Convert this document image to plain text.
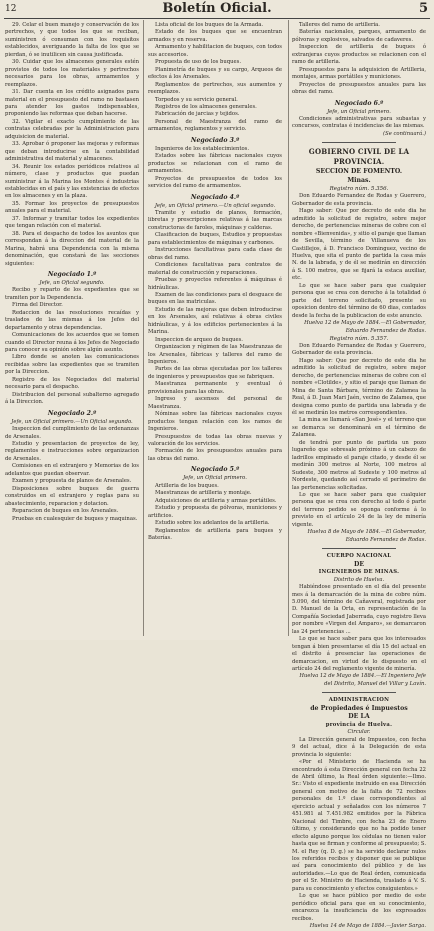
12	Boletín Oficial.	5

29. Celar el buen manejo y conservación de los pertrechos, y que todos los que se reciban, suministren ó consuman con los requisitos establecidos, averiguando la falta de los que se pierdan, ó se inutilicen sin causa justificada.

30. Cuidar que los almacenes generales estén provistos de todos los materiales y pertrechos necesarios para los obras, armamentos y reemplazos.

31. Dar cuenta en los crédito asignados para material en el presupuesto del ramo no bastasen para atender los gastos indispensables, proponiendo las reformas que deban hacerse.

32. Vigilar el exacto cumplimiento de las contratas celebradas por la Administracion para adquisicion de material.

33. Aprobar ó proponer las mejoras y reformas que deban introducirse en la contabilidad administrativa del material y almacenes.

34. Reunir los estados periódicos relativos al número, clase y productos que puedan suministrar á la Marina los Montes é industrias establecidas en el país y las existencias de efectos en los almacenes y en la plaza.

35. Formar los proyectos de presupuestos anuales para el material.

37. Informar y tramitar todos los expedientes que tengan relación con el material.

38. Para el despacho de todos los asuntos que correspondan á la direccion del material de la Marina, habrá una Dependencia con la misma denominación, que constará de las secciones siguientes:

Negociado 1.º

Jefe, un Oficial segundo.

Recibo y reparto de los expedientes que se tramiten por la Dependencia.

Firma del Director.

Redaccion de las resoluciones recaídas y traslados de las mismas á los Jefes del departamento y otras dependencias.

Comunicaciones de los acuerdos que se tomen cuando el Director reuna á los Jefes de Negociado para conocer su opinión sobre algún asunto.

Libro donde se anoten las comunicaciones recibidas sobre las expedientes que se tramiten por la Direccion.

Registro de los Negociados del material necesario para el despacho.

Distribucion del personal subalterno agregado á la Direccion.

Negociado 2.º

Jefe, un Oficial primero.—Un Oficial segundo.

Inspeccion del cumplimiento de las ordenanzas de Arsenales.

Estudio y presentacion de proyectos de ley, reglamentos e instrucciones sobre organizacion de Arsenales.

Comisiones en el extranjero y Memorias de los adelantos que puedan observar.

Examen y propuesta de planos de Arsenales.

Disposiciones sobre buques de guerra construidos en el extranjero y reglas para su abastecimiento, reparacion y dotacion.

Reparacion de buques en los Arsenales.

Pruebas en cualesquier de buques y maquinas.

Lista oficial de los buques de la Armada.

Estado de los buques que se encuentran armados y en reserva.

Armamento y habilitacion de buques, con todos sus accesorios.

Propuesta de uso de los buques.

Planimetría de buques y su cargo, Arqueos de efectos á los Arsenales.

Reglamentos de pertrechos, sus aumentos y reemplazos.

Torpedos y su servicio general.

Registros de los almacenes generales.

Fabricación de jarcias y tejidos.

Personal de Maestranza del ramo de armamentos, reglamentos y servicio.

Negociado 3.º

Ingenieros de los establecimientos.

Estados sobre las fábricas nacionales cuyos productos se relacionan con el ramo de armamentos.

Proyectos de presupuestos de todos los servicios del ramo de armamentos.

Negociado 4.º

Jefe, un Oficial primero.—Un oficial segundo.

Tramite y estudio de planos, formación, libretas y prescripciones relativas á las marcas constructoras de faroles, máquinas y calderas.

Clasificacion de buques, Estudios y propuestas para establecimientos de máquinas y carbones.

Instrucciones facultativas para cada clase de obras del ramo.

Condiciones facultativas para contratos de material de construcción y reparaciones.

Pruebas y proyectos referentes á máquinas é hidráulicas.

Examen de las condiciones para el desguace de buques en las matriculas.

Estudio de las mejoras que deben introducirse en los Arsenales, así relativas á obras civiles hidráulicas, y á los edificios pertenecientes á la Marina.

Inspeccion de arqueo de buques.

Organizacion y régimen de las Maestranzas de los Arsenales, fábricas y talleres del ramo de Ingenieros.

Partes de las obras ejecutadas por los talleres de ingenieros y presupuestos que se fabriquen.

Maestranza permanente y eventual ó provisionales para las obras.

Ingreso y ascensos del personal de Maestranza.

Nóminas sobre las fábricas nacionales cuyos productos tengan relación con los ramos de Ingenieros.

Presupuestos de todas las obras nuevas y valoración de los servicios.

Formación de los presupuestos anuales para las obras del ramo.

Negociado 5.º

Jefe, un Oficial primero.

Artilleria de los buques.

Maestranzas de artilleria y montaje.

Adquisiciones de artilleria y armas portátiles.

Estudio y propuesta de pólvoras, municiones y artificios.

Estudio sobre los adelantos de la artilleria.

Reglamentos de artilleria para buques y Baterías.

Talleres del ramo de artilleria.

Baterías nacionales, parques, armamento de pólvoras y explosivos, salvados de cadaveres.

Inspeccion de artilleria de buques ó extranjeras cuyos productos se relacionen con el ramo de artilleria.

Presupuestos para la adquisicion de Artilleria, montajes, armas portátiles y municiones.

Proyectos de presupuestos anuales para las obras del ramo.

Negociado 6.º

Jefe, un Oficial primero.

Condiciones administrativas para subastas y concursos, contratas é incidencias de las mismas.

(Se continuará.)

GOBIERNO CIVIL DE LA PROVINCIA.

SECCION DE FOMENTO.

Minas.

Registro núm. 5.356.

Don Eduardo Fernandez de Rodas y Guerrero, Gobernador de esta provincia.

Hago saber: Que por decreto de este dia he admitido la solicitud de registro, sobre mejor derecho, de pertenencias mineras de cobre con el nombre «Bienvenida», y sitio el paraje que llaman de Sevilla, término de Villanueva de los Castillejos, á D. Francisco Dominguez, vecino de Huelva, que sita el punto de partida la casa más N. de la labrada, y de él se medirán en dirección á S. 100 metros, que se fijará la estaca auxiliar, etc.

Lo que se hace saber para que cualquier persona que se crea con derecho á la totalidad ó parte del terreno solicitado, presente su oposicion dentro del término de 60 dias, contados desde la fecha de la publicacion de este anuncio.

Huelva 12 de Mayo de 1884.—El Gobernador, Eduardo Fernandez de Rodas.

Registro núm. 5.357.

Don Eduardo Fernandez de Rodas y Guerrero, Gobernador de esta provincia.

Hago saber: Que por decreto de este dia he admitido la solicitud de registro, sobre mejor derecho, de pertenencias mineras de cobre con el nombre «Clotilde», y sitio el paraje que llaman de Mina de Santa Bárbara, término de Zalamea la Real, á D. Juan Mari Jaén, vecino de Zalamea, que designa como punto de partida una labrada y de él se medirán los metros correspondientes.

La mina se llamará «San José» y el terreno que se demarca se denominará en el término de Zalamea.

de tendrá por punto de partida un pozo lugareño que sobresale próximo á un cabezo de ladrillos empinado el paraje citado, y desde él se medirán 300 metros al Norte, 100 metros al Sudeste, 300 metros al Sudeste y 100 metros al Nordeste, quedando así cerrado el perímetro de las pertenencias solicitadas.

Lo que se hace saber para que cualquier persona que se crea con derecho al todo ó parte del terreno pedido se oponga conforme á lo previsto en el artículo 24 de la ley de minería vigente.

Huelva 8 de Mayo de 1884.—El Gobernador, Eduardo Fernandez de Rodas.

CUERPO NACIONAL

DE

INGENIEROS DE MINAS.

Distrito de Huelva.

Habiéndose presentado en el día del presente mes á la demarcación de la mina de cobre núm. 5.090, del término de Cañaveral, registrada por D. Manuel de la Orta, en representación de la Compañía Sociedad Jaberrada, cuyo registro lleva por nombre «Virgen del Amparo», se demarcaron las 24 pertenencias ...

Lo que se hace saber para que los interesados tengan á bien presentarse el día 15 del actual en el distrito á presenciar las operaciones de demarcacion, en virtud de lo dispuesto en el artículo 24 del reglamento vigente de minería.

Huelva 12 de Mayo de 1884.—El Ingeniero Jefe del Distrito, Manuel del Villar y Lavín.

ADMINISTRACION

de Propiedades é Impuestos

DE LA

provincia de Huelva.

Circular.

La Dirección general de Impuestos, con fecha 9 del actual, dice á la Delegación de esta provincia lo siguiente:

«Por el Ministerio de Hacienda se ha encontrado á esta Dirección general con fecha 22 de Abril último, la Real órden siguiente:—Ilmo. Sr.: Visto el expediente instruido en esa Dirección general con motivo de la falta de 72 recibos personales de 1.º clase correspondientes al ejercicio actual y señalados con los números 7 451.981 al 7.451.982 emitidos por la Fábrica Nacional del Timbre, con fecha 23 de Enero último, y considerando que no ha podido tener efecto alguno porque los cédulas no tienen valor hasta que se firman y conforme al presupuesto; S. M. el Rey (q. D. g.) se ha servido declarar nulos los referidos recibos y disponer que se publique así para conocimiento del público y de las autoridades.—Lo que de Real órden, comunicada por el Sr. Ministro de Hacienda, traslado á V. S. para su conocimiento y efectos consiguientes.»

Lo que se hace público por medio de este periódico oficial para que en su conocimiento, encarezca la insuficiencia de los expresados recibos.

Huelva 14 de Mayo de 1884.—Javier Sarga.
